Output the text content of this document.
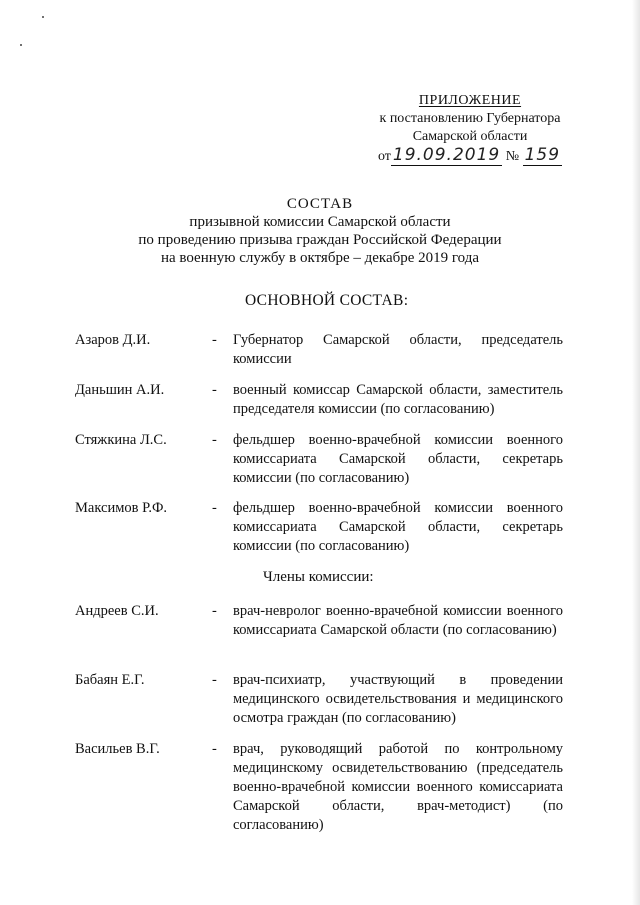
ПРИЛОЖЕНИЕ
к постановлению Губернатора
Самарской области
от 19.09.2019 № 159
СОСТАВ
призывной комиссии Самарской области
по проведению призыва граждан Российской Федерации
на военную службу в октябре – декабре 2019 года
ОСНОВНОЙ СОСТАВ:
Азаров Д.И.	- Губернатор Самарской области, председатель комиссии
Даньшин А.И.	- военный комиссар Самарской области, заместитель председателя комиссии (по согласованию)
Стяжкина Л.С.	- фельдшер военно-врачебной комиссии военного комиссариата Самарской области, секретарь комиссии (по согласованию)
Максимов Р.Ф.	- фельдшер военно-врачебной комиссии военного комиссариата Самарской области, секретарь комиссии (по согласованию)
Члены комиссии:
Андреев С.И.	- врач-невролог военно-врачебной комиссии военного комиссариата Самарской области (по согласованию)
Бабаян Е.Г.	- врач-психиатр, участвующий в проведении медицинского освидетельствования и медицинского осмотра граждан (по согласованию)
Васильев В.Г.	- врач, руководящий работой по контрольному медицинскому освидетельствованию (председатель военно-врачебной комиссии военного комиссариата Самарской области, врач-методист) (по согласованию)
